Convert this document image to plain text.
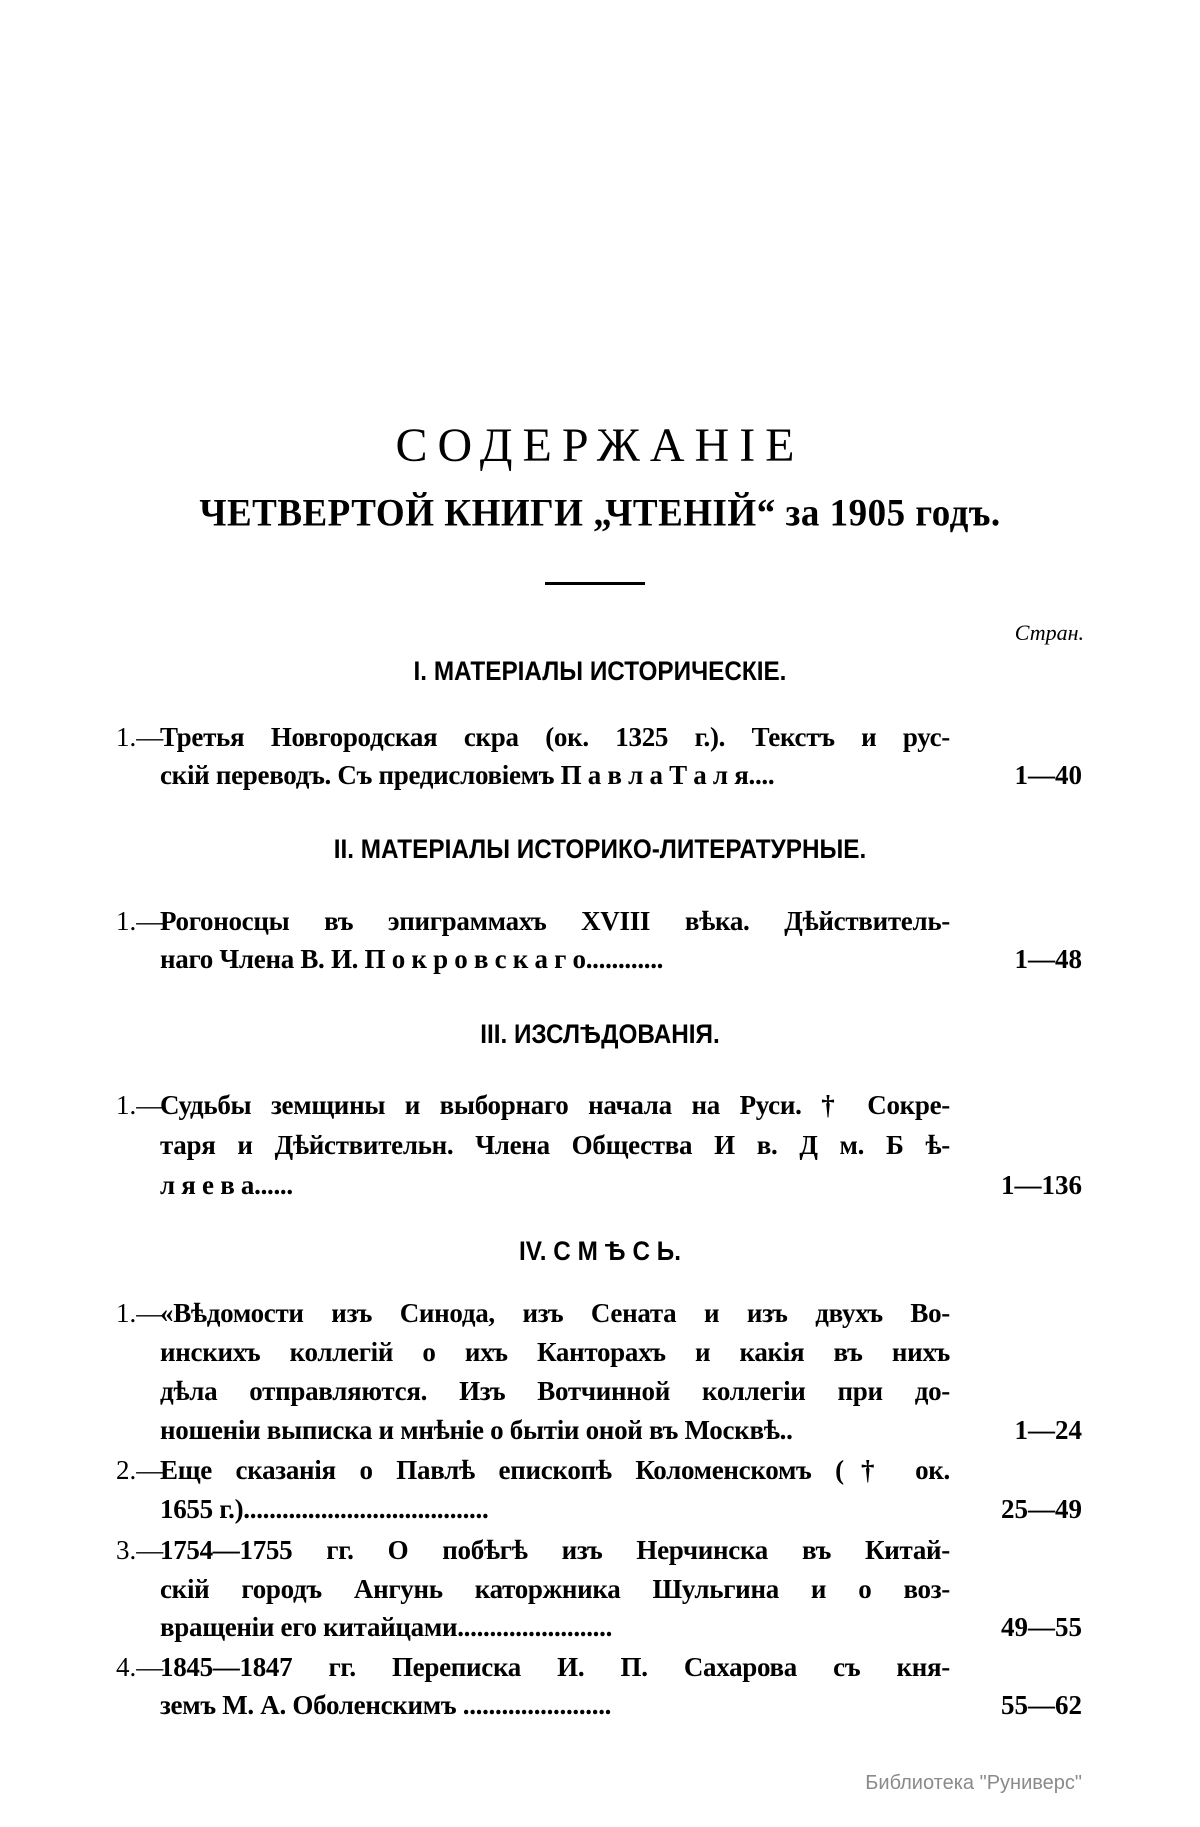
СОДЕРЖАНІЕ
ЧЕТВЕРТОЙ КНИГИ „ЧТЕНІЙ“ за 1905 годъ.
Стран.
I. МАТЕРІАЛЫ ИСТОРИЧЕСКІЕ.
1.—
Третья Новгородская скра (ок. 1325 г.). Текстъ и рус-
скій переводъ. Съ предисловіемъ П а в л а Т а л я....	1—40
II. МАТЕРІАЛЫ ИСТОРИКО-ЛИТЕРАТУРНЫЕ.
1.—
Рогоносцы въ эпиграммахъ XVIII вѣка. Дѣйствитель-
наго Члена В. И. П о к р о в с к а г о............	1—48
III. ИЗСЛѢДОВАНІЯ.
1.—
Судьбы земщины и выборнаго начала на Руси. † Сокре-
таря и Дѣйствительн. Члена Общества И в. Д м. Б ѣ-
л я е в а......	1—136
IV. С М Ѣ С Ь.
1.—
«Вѣдомости изъ Синода, изъ Сената и изъ двухъ Во-
инскихъ коллегій о ихъ Канторахъ и какія въ нихъ
дѣла отправляются. Изъ Вотчинной коллегіи при до-
ношеніи выписка и мнѣніе о бытіи оной въ Москвѣ..	1—24
2.—
Еще сказанія о Павлѣ епископѣ Коломенскомъ († ок.
1655 г.)......................................	25—49
3.—
1754—1755 гг. О побѣгѣ изъ Нерчинска въ Китай-
скій городъ Ангунь каторжника Шульгина и о воз-
вращеніи его китайцами........................	49—55
4.—
1845—1847 гг. Переписка И. П. Сахарова съ кня-
земъ М. А. Оболенскимъ .......................	55—62
Библиотека "Руниверс"
